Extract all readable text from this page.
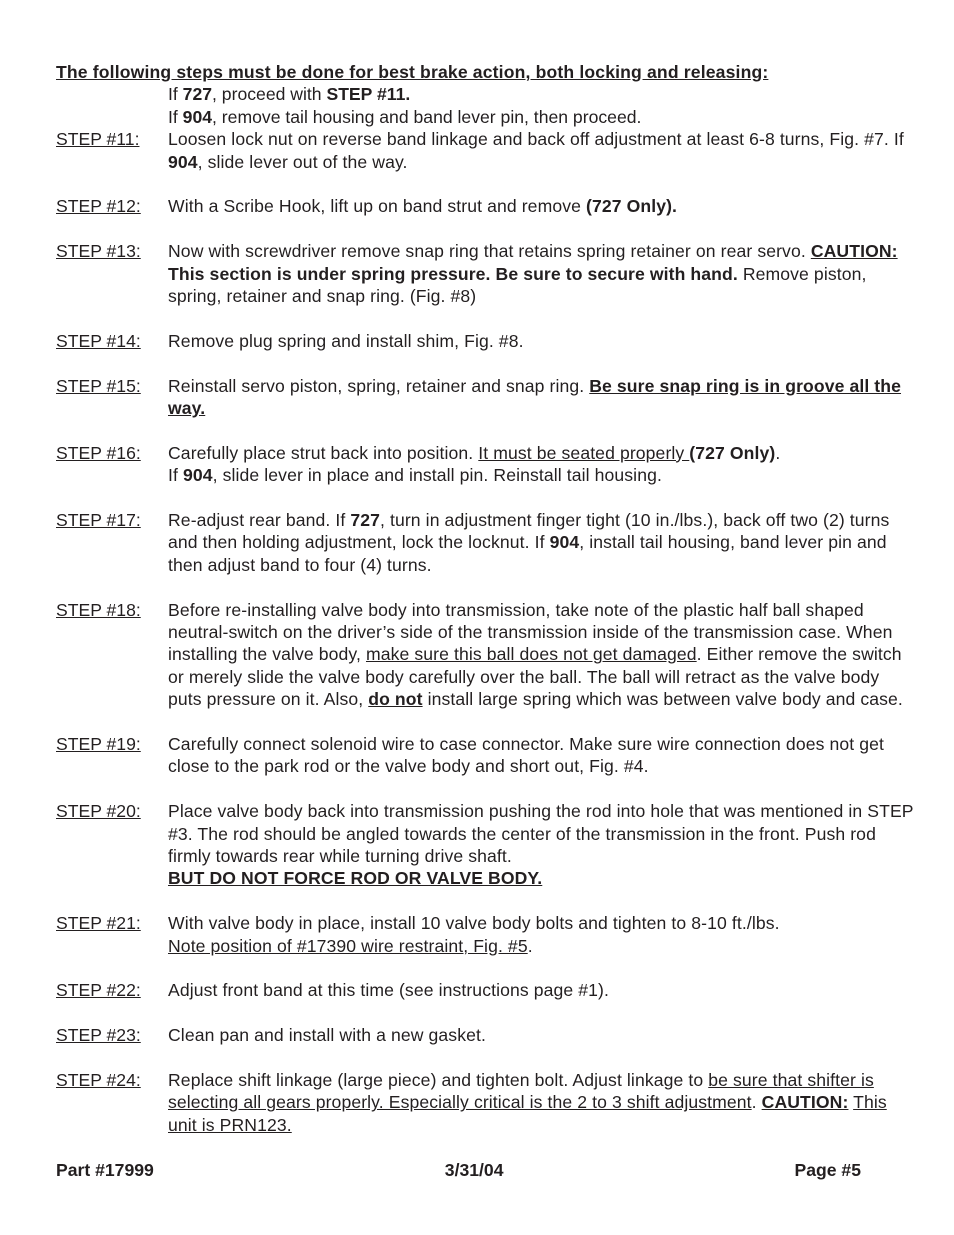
The following steps must be done for best brake action, both locking and releasing:
If 727, proceed with STEP #11.
If 904, remove tail housing and band lever pin, then proceed.
STEP #11:	Loosen lock nut on reverse band linkage and back off adjustment at least 6-8 turns, Fig. #7. If 904, slide lever out of the way.
STEP #12:	With a Scribe Hook, lift up on band strut and remove (727 Only).
STEP #13:	Now with screwdriver remove snap ring that retains spring retainer on rear servo. CAUTION: This section is under spring pressure. Be sure to secure with hand. Remove piston, spring, retainer and snap ring. (Fig. #8)
STEP #14:	Remove plug spring and install shim, Fig. #8.
STEP #15:	Reinstall servo piston, spring, retainer and snap ring. Be sure snap ring is in groove all the way.
STEP #16:	Carefully place strut back into position. It must be seated properly (727 Only).
If 904, slide lever in place and install pin. Reinstall tail housing.
STEP #17:	Re-adjust rear band. If 727, turn in adjustment finger tight (10 in./lbs.), back off two (2) turns and then holding adjustment, lock the locknut. If 904, install tail housing, band lever pin and then adjust band to four (4) turns.
STEP #18:	Before re-installing valve body into transmission, take note of the plastic half ball shaped neutral-switch on the driver’s side of the transmission inside of the transmission case. When installing the valve body, make sure this ball does not get damaged. Either remove the switch or merely slide the valve body carefully over the ball. The ball will retract as the valve body puts pressure on it. Also, do not install large spring which was between valve body and case.
STEP #19:	Carefully connect solenoid wire to case connector. Make sure wire connection does not get close to the park rod or the valve body and short out, Fig. #4.
STEP #20:	Place valve body back into transmission pushing the rod into hole that was mentioned in STEP #3. The rod should be angled towards the center of the transmission in the front. Push rod firmly towards rear while turning drive shaft.
BUT DO NOT FORCE ROD OR VALVE BODY.
STEP #21:	With valve body in place, install 10 valve body bolts and tighten to 8-10 ft./lbs.
Note position of #17390 wire restraint, Fig. #5.
STEP #22:	Adjust front band at this time (see instructions page #1).
STEP #23:	Clean pan and install with a new gasket.
STEP #24:	Replace shift linkage (large piece) and tighten bolt. Adjust linkage to be sure that shifter is selecting all gears properly. Especially critical is the 2 to 3 shift adjustment. CAUTION: This unit is PRN123.
Part #17999	3/31/04	Page #5
